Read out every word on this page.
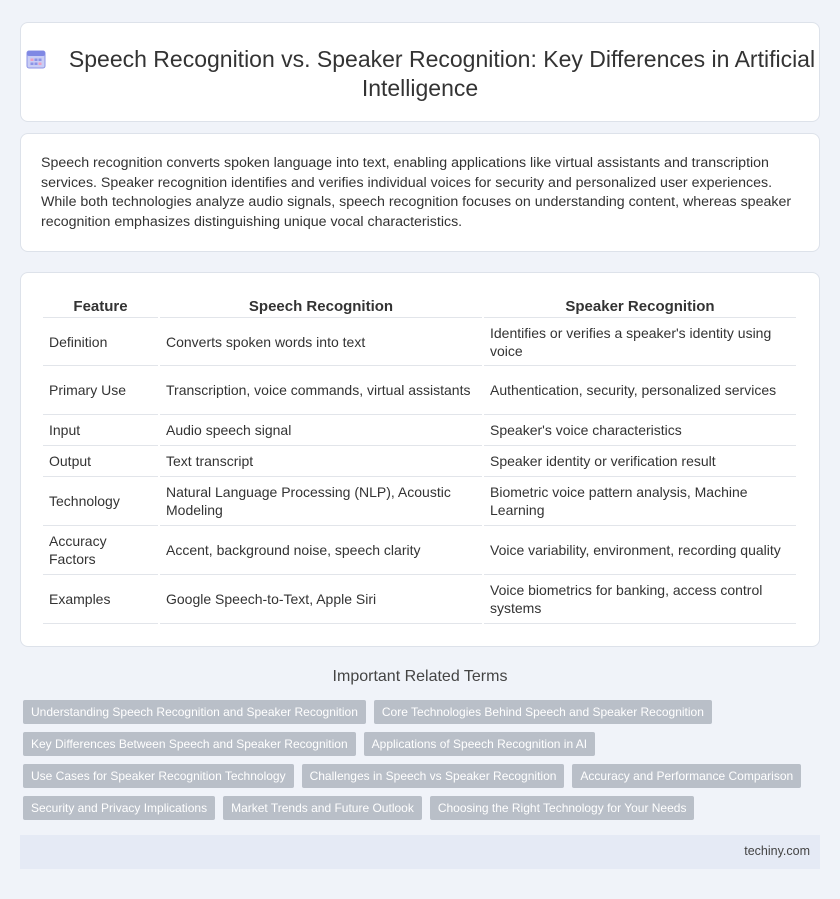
Speech Recognition vs. Speaker Recognition: Key Differences in Artificial Intelligence

Speech recognition converts spoken language into text, enabling applications like virtual assistants and transcription services. Speaker recognition identifies and verifies individual voices for security and personalized user experiences. While both technologies analyze audio signals, speech recognition focuses on understanding content, whereas speaker recognition emphasizes distinguishing unique vocal characteristics.

Feature	Speech Recognition	Speaker Recognition
Definition	Converts spoken words into text	Identifies or verifies a speaker's identity using voice
Primary Use	Transcription, voice commands, virtual assistants	Authentication, security, personalized services
Input	Audio speech signal	Speaker's voice characteristics
Output	Text transcript	Speaker identity or verification result
Technology	Natural Language Processing (NLP), Acoustic Modeling	Biometric voice pattern analysis, Machine Learning
Accuracy Factors	Accent, background noise, speech clarity	Voice variability, environment, recording quality
Examples	Google Speech-to-Text, Apple Siri	Voice biometrics for banking, access control systems
Important Related Terms
Understanding Speech Recognition and Speaker Recognition	Core Technologies Behind Speech and Speaker Recognition
Key Differences Between Speech and Speaker Recognition	Applications of Speech Recognition in AI
Use Cases for Speaker Recognition Technology	Challenges in Speech vs Speaker Recognition	Accuracy and Performance Comparison
Security and Privacy Implications	Market Trends and Future Outlook	Choosing the Right Technology for Your Needs
techiny.com
